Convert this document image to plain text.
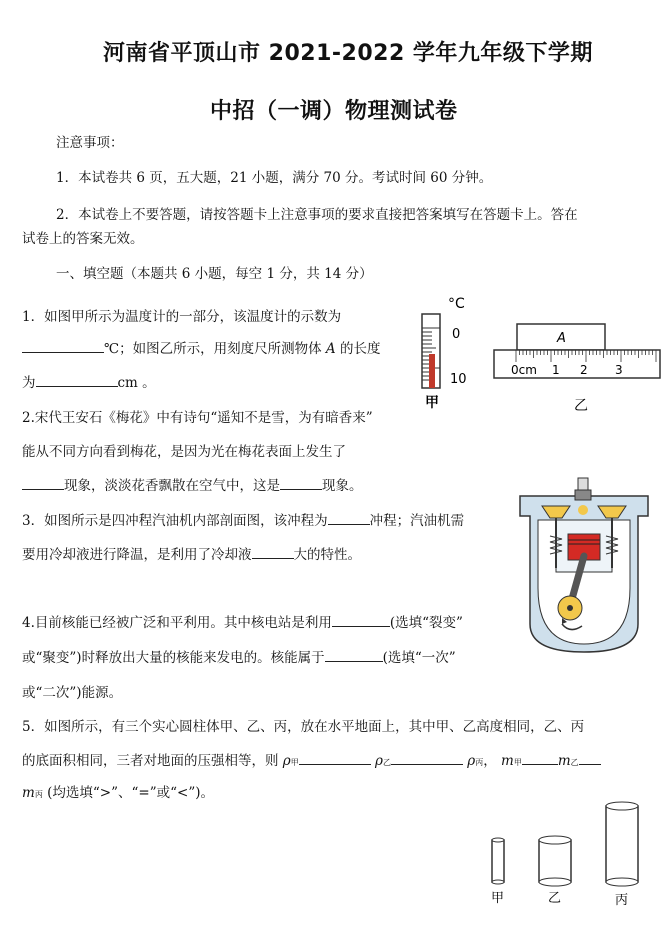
河南省平顶山市 2021-2022 学年九年级下学期
中招（一调）物理测试卷
注意事项：
1．本试卷共 6 页，五大题，21 小题，满分 70 分。考试时间 60 分钟。
2．本试卷上不要答题，请按答题卡上注意事项的要求直接把答案填写在答题卡上。答在
试卷上的答案无效。
一、填空题（本题共 6 小题，每空 1 分，共 14 分）
1．如图甲所示为温度计的一部分，该温度计的示数为
℃；如图乙所示，用刻度尺所测物体 A 的长度
为	cm 。
2.宋代王安石《梅花》中有诗句“遥知不是雪，为有暗香来”
能从不同方向看到梅花，是因为光在梅花表面上发生了
现象，淡淡花香飘散在空气中，这是	现象。
3．如图所示是四冲程汽油机内部剖面图，该冲程为	冲程；汽油机需
要用冷却液进行降温，是利用了冷却液	大的特性。
4.目前核能已经被广泛和平利用。其中核电站是利用	(选填“裂变”
或“聚变”)时释放出大量的核能来发电的。核能属于	(选填“一次”
或“二次”)能源。
5．如图所示，有三个实心圆柱体甲、乙、丙，放在水平地面上，其中甲、乙高度相同，乙、丙
的底面积相同，三者对地面的压强相等，则 ρ甲	ρ乙	ρ丙， m甲	m乙
m丙 (均选填“>”、“=”或“<”)。
°C
0
10
甲
A
0cm 1 2 3
乙
甲	乙	丙
